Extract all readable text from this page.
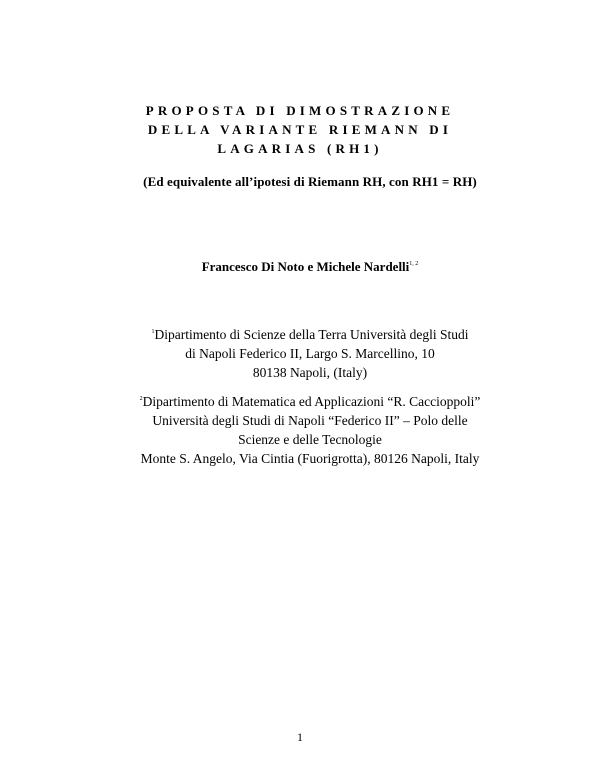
PROPOSTA DI DIMOSTRAZIONE
DELLA VARIANTE RIEMANN DI
LAGARIAS (RH1)
(Ed equivalente all’ipotesi di Riemann RH, con RH1 = RH)
Francesco Di Noto e Michele Nardelli$^{1, 2}$
$^1$Dipartimento di Scienze della Terra Università degli Studi
di Napoli Federico II, Largo S. Marcellino, 10
80138 Napoli, (Italy)
$^2$Dipartimento di Matematica ed Applicazioni “R. Caccioppoli”
Università degli Studi di Napoli “Federico II” – Polo delle
Scienze e delle Tecnologie
Monte S. Angelo, Via Cintia (Fuorigrotta), 80126 Napoli, Italy
1
